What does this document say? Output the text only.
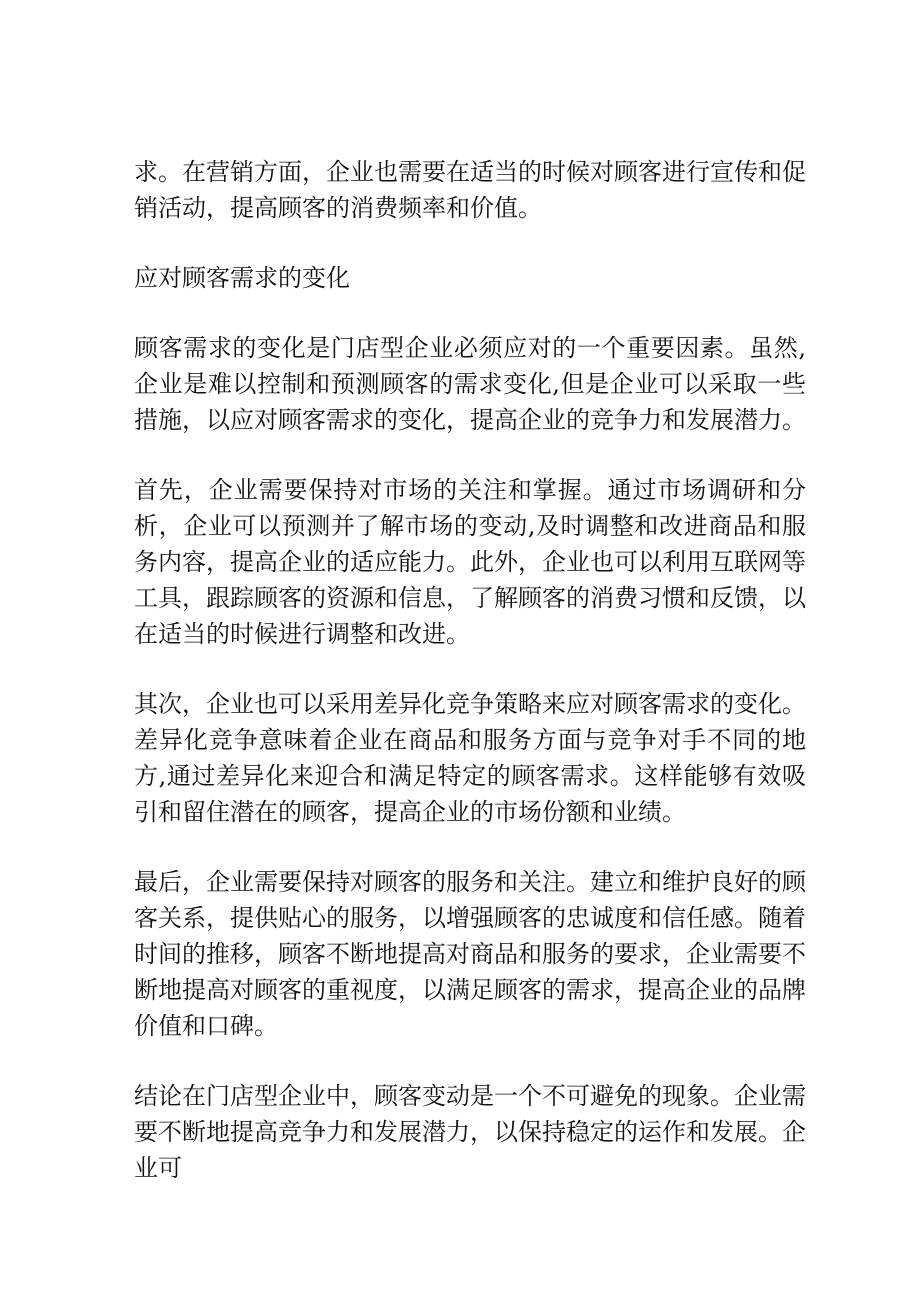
求。在营销方面，企业也需要在适当的时候对顾客进行宣传和促销活动，提高顾客的消费频率和价值。

应对顾客需求的变化

顾客需求的变化是门店型企业必须应对的一个重要因素。虽然,企业是难以控制和预测顾客的需求变化,但是企业可以采取一些措施，以应对顾客需求的变化，提高企业的竞争力和发展潜力。

首先，企业需要保持对市场的关注和掌握。通过市场调研和分析，企业可以预测并了解市场的变动,及时调整和改进商品和服务内容，提高企业的适应能力。此外，企业也可以利用互联网等工具，跟踪顾客的资源和信息，了解顾客的消费习惯和反馈，以在适当的时候进行调整和改进。

其次，企业也可以采用差异化竞争策略来应对顾客需求的变化。差异化竞争意味着企业在商品和服务方面与竞争对手不同的地方,通过差异化来迎合和满足特定的顾客需求。这样能够有效吸引和留住潜在的顾客，提高企业的市场份额和业绩。

最后，企业需要保持对顾客的服务和关注。建立和维护良好的顾客关系，提供贴心的服务，以增强顾客的忠诚度和信任感。随着时间的推移，顾客不断地提高对商品和服务的要求，企业需要不断地提高对顾客的重视度，以满足顾客的需求，提高企业的品牌价值和口碑。

结论在门店型企业中，顾客变动是一个不可避免的现象。企业需要不断地提高竞争力和发展潜力，以保持稳定的运作和发展。企业可
